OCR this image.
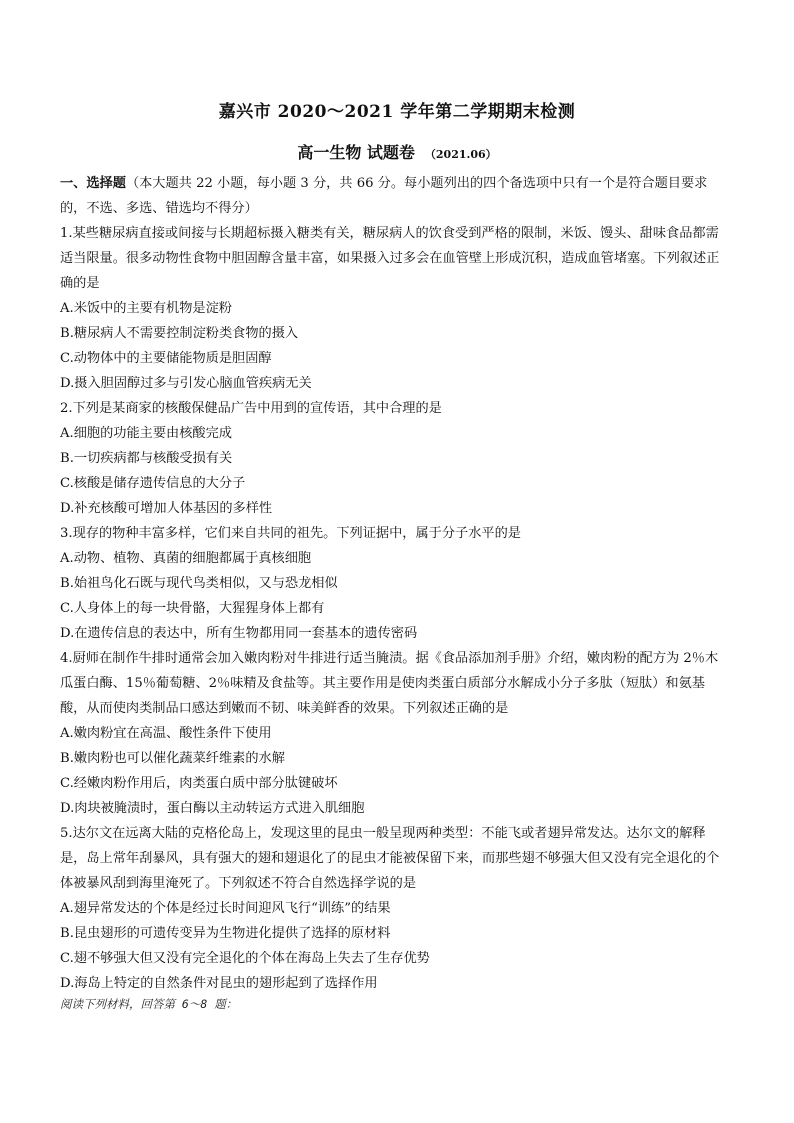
嘉兴市 2020～2021 学年第二学期期末检测
高一生物 试题卷 （2021.06）

一、选择题（本大题共 22 小题，每小题 3 分，共 66 分。每小题列出的四个备选项中只有一个是符合题目要求的，不选、多选、错选均不得分）

1.某些糖尿病直接或间接与长期超标摄入糖类有关，糖尿病人的饮食受到严格的限制，米饭、馒头、甜味食品都需适当限量。很多动物性食物中胆固醇含量丰富，如果摄入过多会在血管壁上形成沉积，造成血管堵塞。下列叙述正确的是

A.米饭中的主要有机物是淀粉

B.糖尿病人不需要控制淀粉类食物的摄入

C.动物体中的主要储能物质是胆固醇

D.摄入胆固醇过多与引发心脑血管疾病无关

2.下列是某商家的核酸保健品广告中用到的宣传语，其中合理的是

A.细胞的功能主要由核酸完成

B.一切疾病都与核酸受损有关

C.核酸是储存遗传信息的大分子

D.补充核酸可增加人体基因的多样性

3.现存的物种丰富多样，它们来自共同的祖先。下列证据中，属于分子水平的是

A.动物、植物、真菌的细胞都属于真核细胞

B.始祖鸟化石既与现代鸟类相似，又与恐龙相似

C.人身体上的每一块骨骼，大猩猩身体上都有

D.在遗传信息的表达中，所有生物都用同一套基本的遗传密码

4.厨师在制作牛排时通常会加入嫩肉粉对牛排进行适当腌渍。据《食品添加剂手册》介绍，嫩肉粉的配方为 2％木瓜蛋白酶、15％葡萄糖、2％味精及食盐等。其主要作用是使肉类蛋白质部分水解成小分子多肽（短肽）和氨基酸，从而使肉类制品口感达到嫩而不韧、味美鲜香的效果。下列叙述正确的是

A.嫩肉粉宜在高温、酸性条件下使用

B.嫩肉粉也可以催化蔬菜纤维素的水解

C.经嫩肉粉作用后，肉类蛋白质中部分肽键破坏

D.肉块被腌渍时，蛋白酶以主动转运方式进入肌细胞

5.达尔文在远离大陆的克格伦岛上，发现这里的昆虫一般呈现两种类型：不能飞或者翅异常发达。达尔文的解释是，岛上常年刮暴风，具有强大的翅和翅退化了的昆虫才能被保留下来，而那些翅不够强大但又没有完全退化的个体被暴风刮到海里淹死了。下列叙述不符合自然选择学说的是

A.翅异常发达的个体是经过长时间迎风飞行“训练”的结果

B.昆虫翅形的可遗传变异为生物进化提供了选择的原材料

C.翅不够强大但又没有完全退化的个体在海岛上失去了生存优势

D.海岛上特定的自然条件对昆虫的翅形起到了选择作用

阅读下列材料，回答第 6～8 题：
